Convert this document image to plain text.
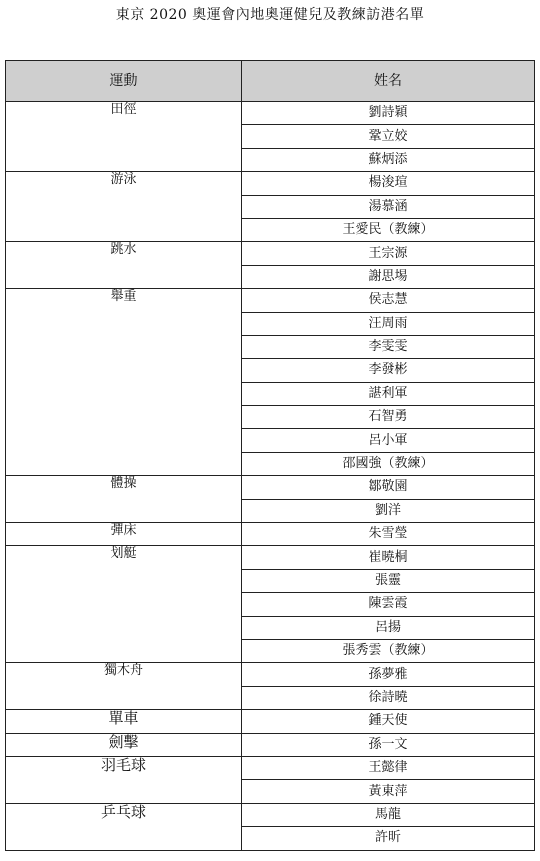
東京 2020 奧運會內地奧運健兒及教練訪港名單
運動	姓名
田徑	劉詩穎
	鞏立姣
	蘇炳添
游泳	楊浚瑄
	湯慕涵
	王愛民（教練）
跳水	王宗源
	謝思埸
舉重	侯志慧
	汪周雨
	李雯雯
	李發彬
	諶利軍
	石智勇
	呂小軍
	邵國強（教練）
體操	鄒敬園
	劉洋
彈床	朱雪瑩
划艇	崔曉桐
	張靈
	陳雲霞
	呂揚
	張秀雲（教練）
獨木舟	孫夢雅
	徐詩曉
單車	鍾天使
劍擊	孫一文
羽毛球	王懿律
	黃東萍
乒乓球	馬龍
	許昕
